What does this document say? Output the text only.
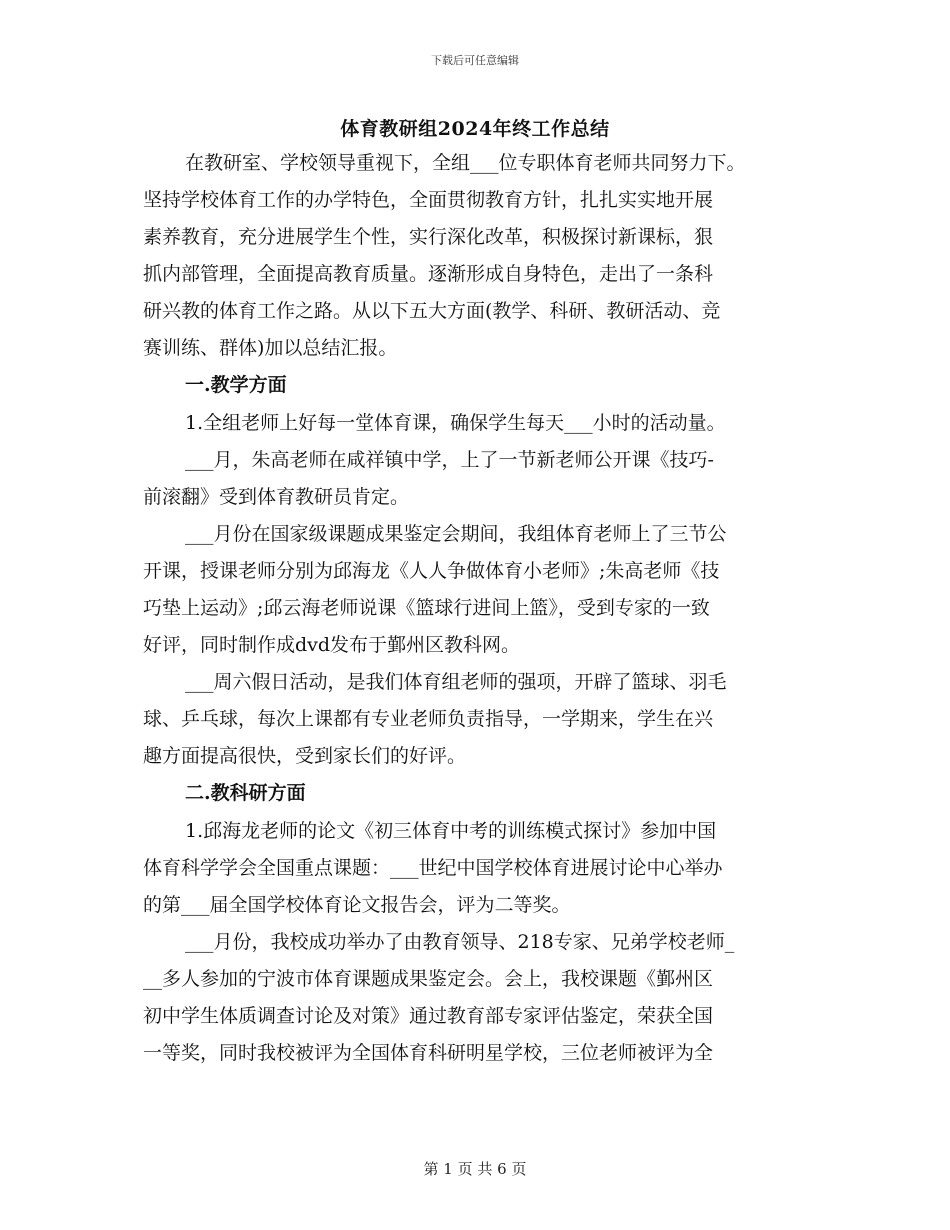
下载后可任意编辑
体育教研组2024年终工作总结
在教研室、学校领导重视下，全组___位专职体育老师共同努力下。
坚持学校体育工作的办学特色，全面贯彻教育方针，扎扎实实地开展
素养教育，充分进展学生个性，实行深化改革，积极探讨新课标，狠
抓内部管理，全面提高教育质量。逐渐形成自身特色，走出了一条科
研兴教的体育工作之路。从以下五大方面(教学、科研、教研活动、竞
赛训练、群体)加以总结汇报。
一.教学方面
1.全组老师上好每一堂体育课，确保学生每天___小时的活动量。
___月，朱高老师在咸祥镇中学，上了一节新老师公开课《技巧-
前滚翻》受到体育教研员肯定。
___月份在国家级课题成果鉴定会期间，我组体育老师上了三节公
开课，授课老师分别为邱海龙《人人争做体育小老师》;朱高老师《技
巧垫上运动》;邱云海老师说课《篮球行进间上篮》，受到专家的一致
好评，同时制作成dvd发布于鄞州区教科网。
___周六假日活动，是我们体育组老师的强项，开辟了篮球、羽毛
球、乒乓球，每次上课都有专业老师负责指导，一学期来，学生在兴
趣方面提高很快，受到家长们的好评。
二.教科研方面
1.邱海龙老师的论文《初三体育中考的训练模式探讨》参加中国
体育科学学会全国重点课题：___世纪中国学校体育进展讨论中心举办
的第___届全国学校体育论文报告会，评为二等奖。
___月份，我校成功举办了由教育领导、218专家、兄弟学校老师_
__多人参加的宁波市体育课题成果鉴定会。会上，我校课题《鄞州区
初中学生体质调查讨论及对策》通过教育部专家评估鉴定，荣获全国
一等奖，同时我校被评为全国体育科研明星学校，三位老师被评为全
第 1 页 共 6 页
